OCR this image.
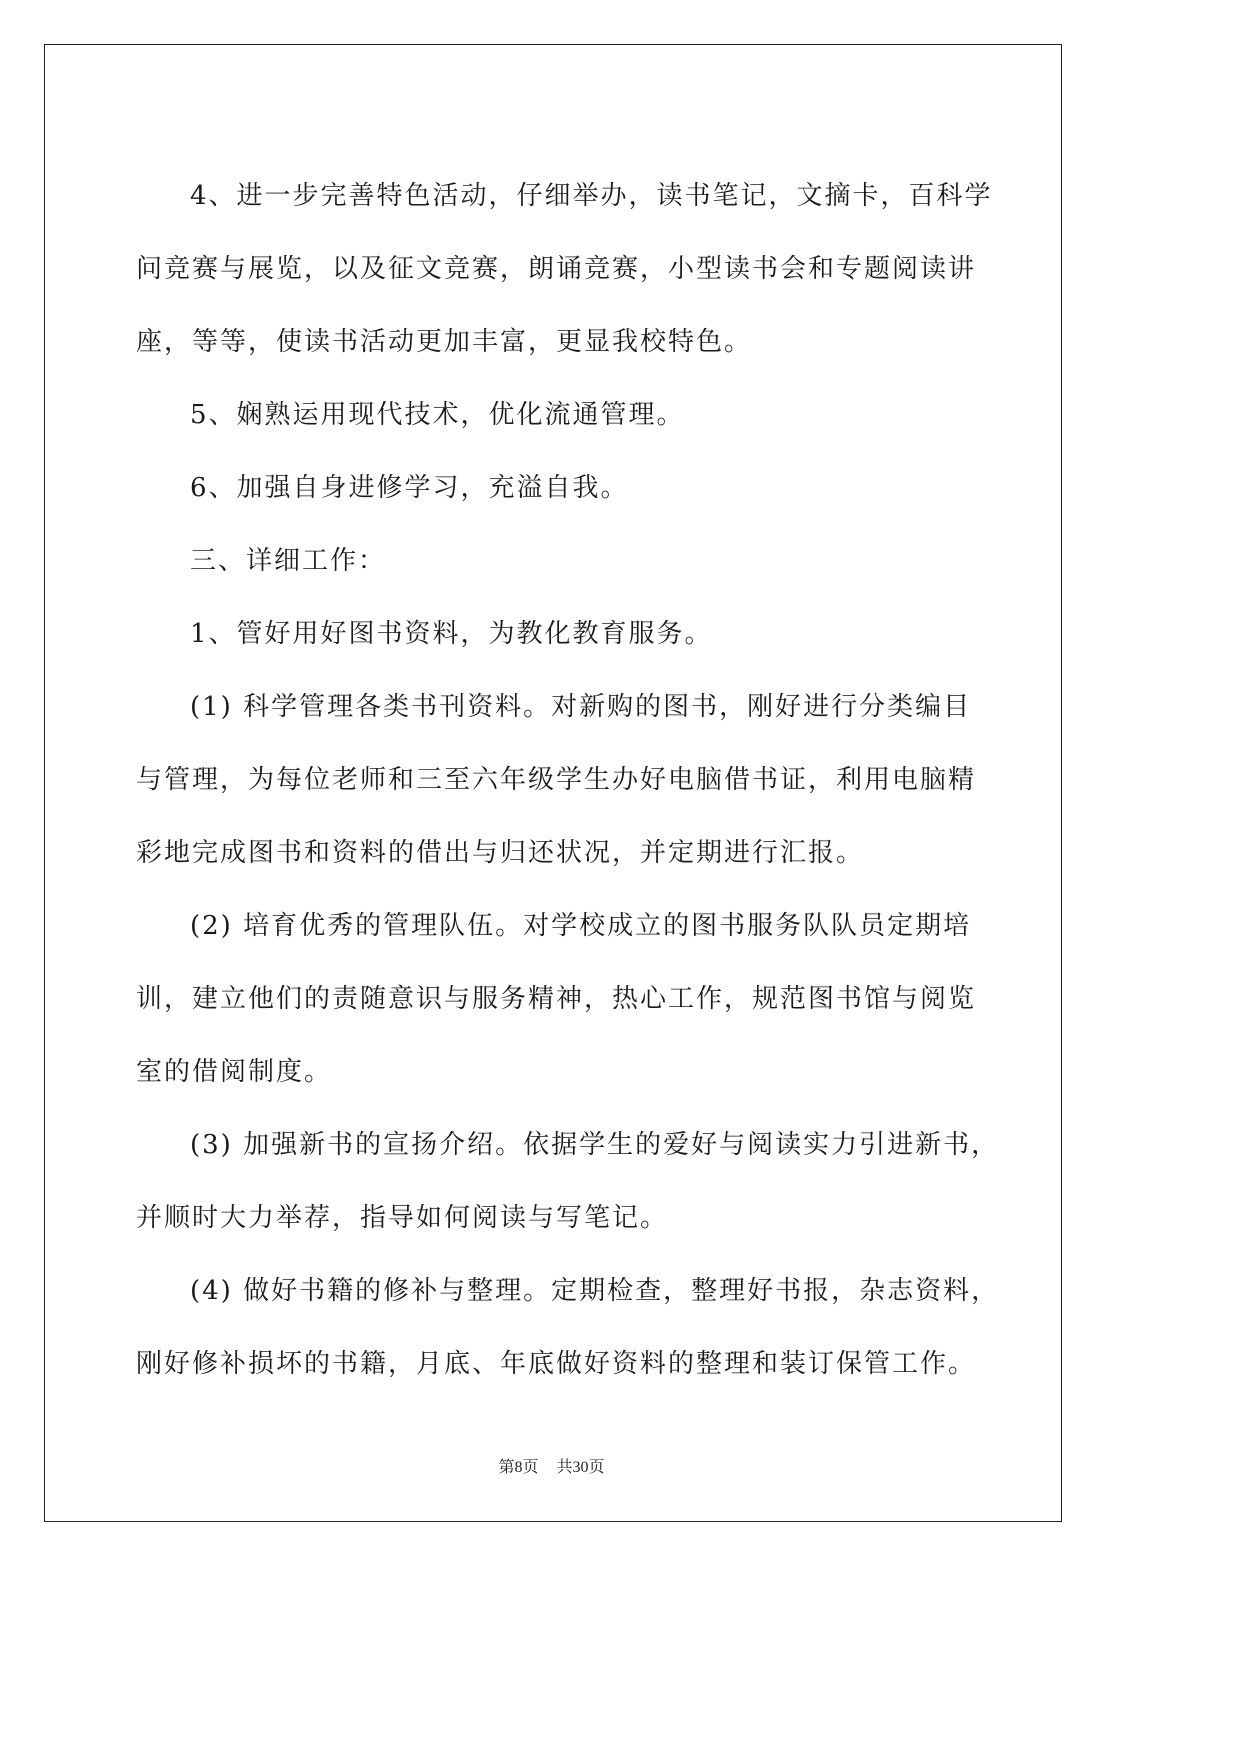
4、进一步完善特色活动，仔细举办，读书笔记，文摘卡，百科学

问竞赛与展览，以及征文竞赛，朗诵竞赛，小型读书会和专题阅读讲

座，等等，使读书活动更加丰富，更显我校特色。

5、娴熟运用现代技术，优化流通管理。

6、加强自身进修学习，充溢自我。

三、详细工作：

1、管好用好图书资料，为教化教育服务。

(1) 科学管理各类书刊资料。对新购的图书，刚好进行分类编目

与管理，为每位老师和三至六年级学生办好电脑借书证，利用电脑精

彩地完成图书和资料的借出与归还状况，并定期进行汇报。

(2) 培育优秀的管理队伍。对学校成立的图书服务队队员定期培

训，建立他们的责随意识与服务精神，热心工作，规范图书馆与阅览

室的借阅制度。

(3) 加强新书的宣扬介绍。依据学生的爱好与阅读实力引进新书，

并顺时大力举荐，指导如何阅读与写笔记。

(4) 做好书籍的修补与整理。定期检查，整理好书报，杂志资料，

刚好修补损坏的书籍，月底、年底做好资料的整理和装订保管工作。

第8页 共30页
